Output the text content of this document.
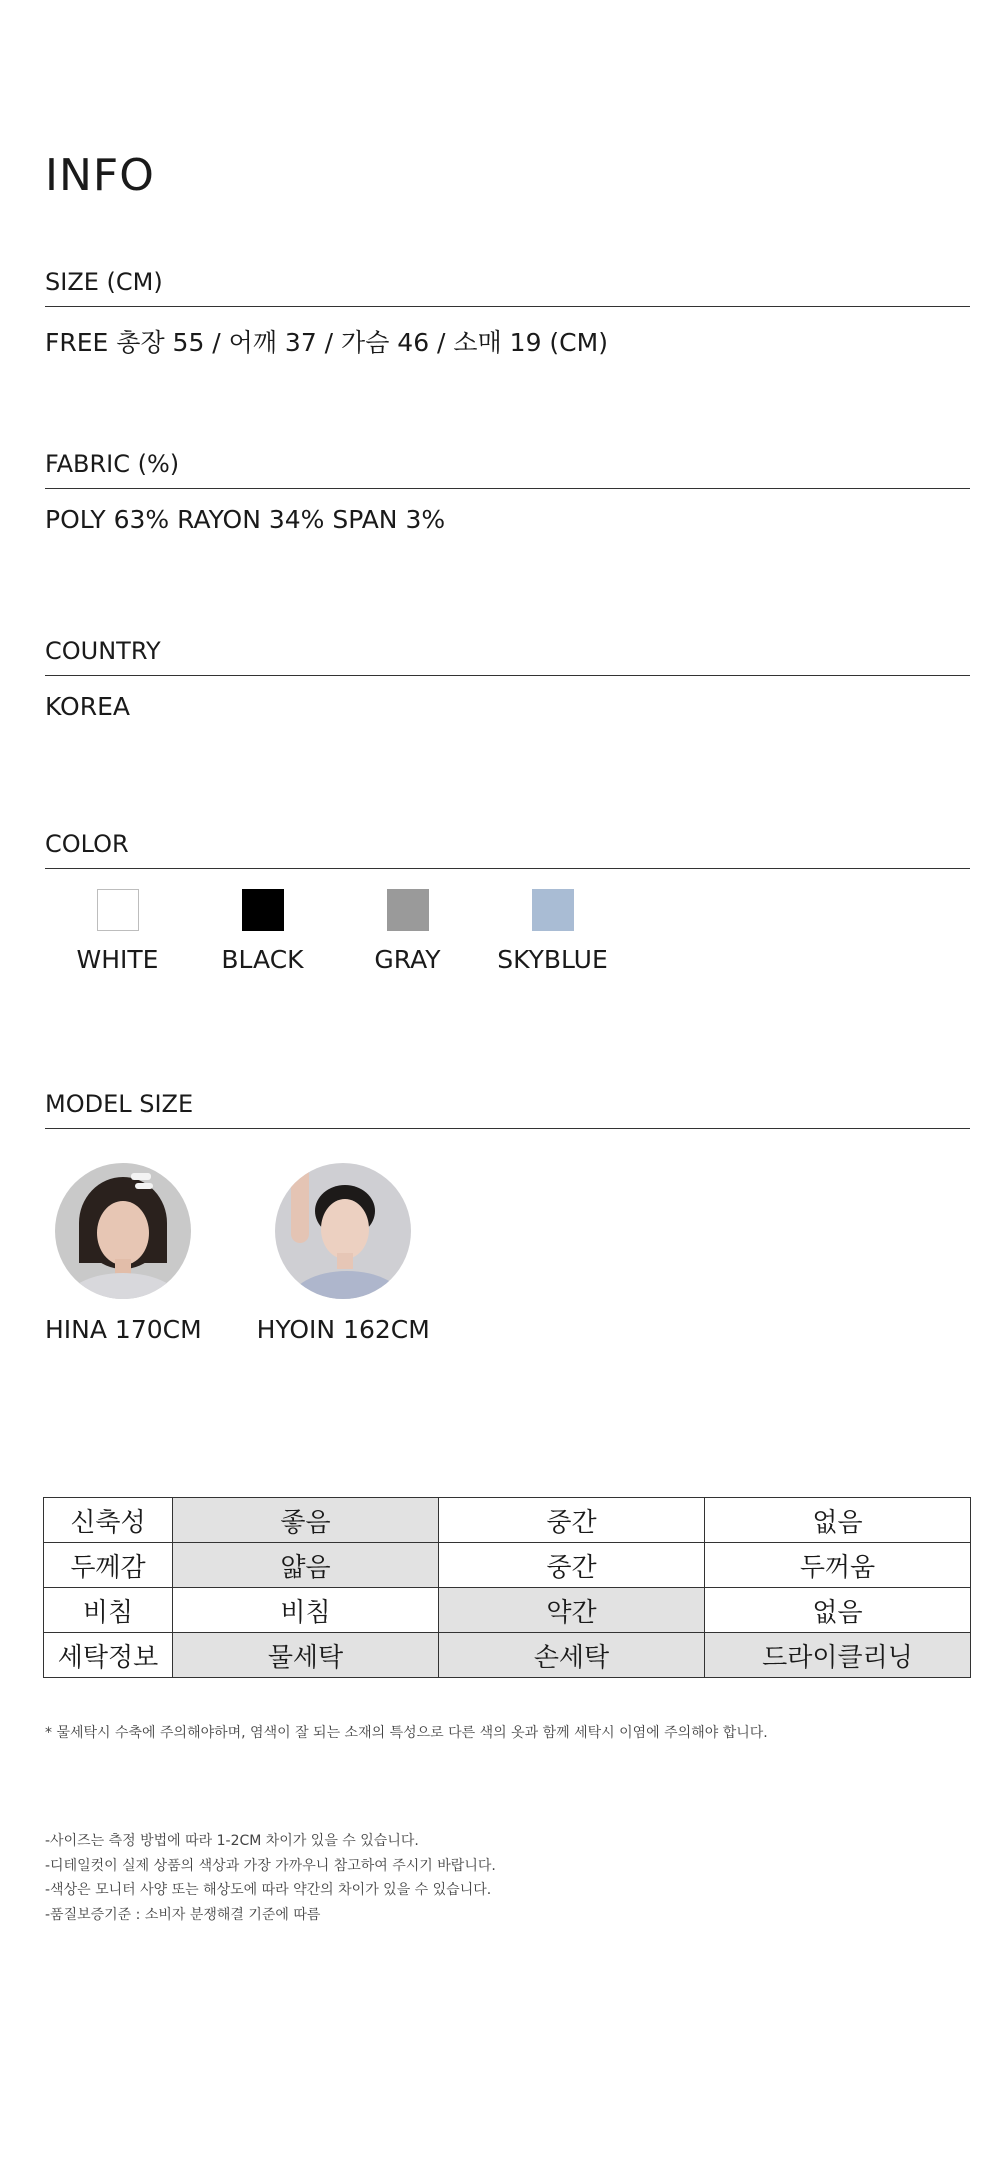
INFO
SIZE (CM)
FREE 총장 55 / 어깨 37 / 가슴 46 / 소매 19 (CM)
FABRIC (%)
POLY 63% RAYON 34% SPAN 3%
COUNTRY
KOREA
COLOR
WHITE	BLACK	GRAY SKYBLUE
MODEL SIZE
HINA 170CM HYOIN 162CM
신축성	좋음	중간	없음
두께감	얇음	중간	두꺼움
비침	비침	약간	없음
세탁정보	물세탁	손세탁	드라이클리닝
* 물세탁시 수축에 주의해야하며, 염색이 잘 되는 소재의 특성으로 다른 색의 옷과 함께 세탁시 이염에 주의해야 합니다.
-사이즈는 측정 방법에 따라 1-2CM 차이가 있을 수 있습니다.
-디테일컷이 실제 상품의 색상과 가장 가까우니 참고하여 주시기 바랍니다.
-색상은 모니터 사양 또는 해상도에 따라 약간의 차이가 있을 수 있습니다.
-품질보증기준 : 소비자 분쟁해결 기준에 따름
